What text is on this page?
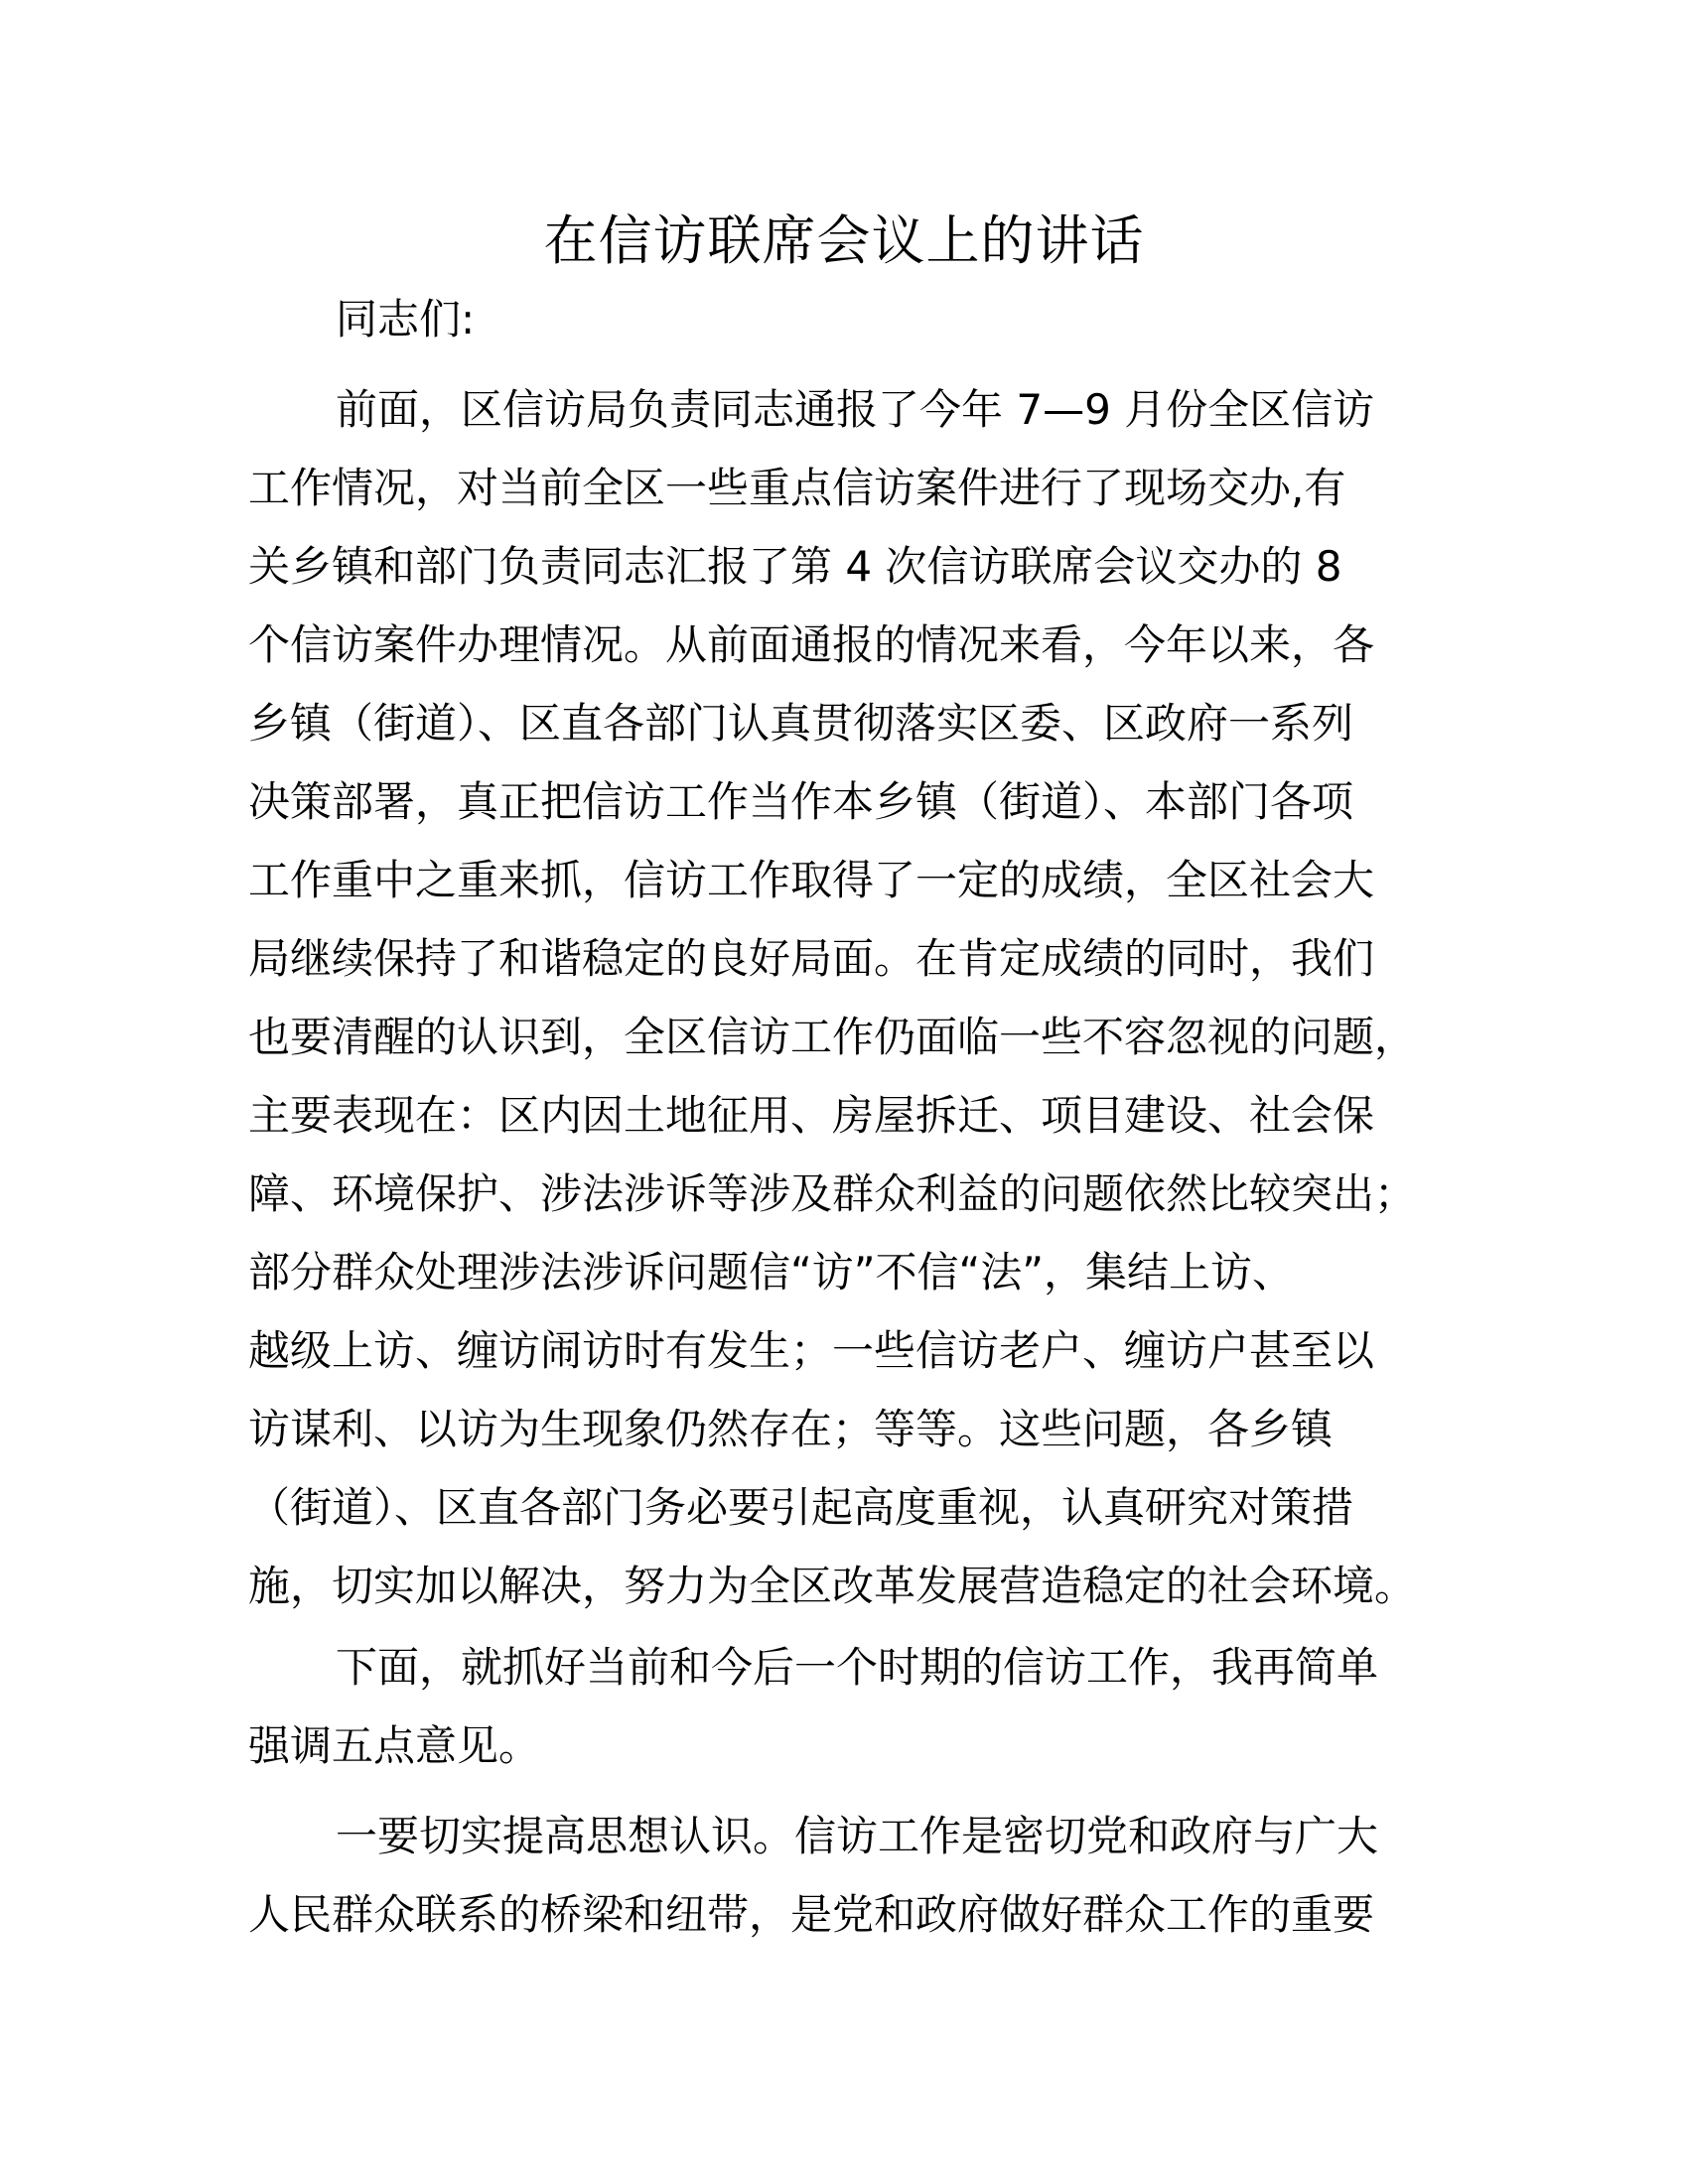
在信访联席会议上的讲话

同志们:

前面，区信访局负责同志通报了今年 7—9 月份全区信访
工作情况，对当前全区一些重点信访案件进行了现场交办,有
关乡镇和部门负责同志汇报了第 4 次信访联席会议交办的 8
个信访案件办理情况。从前面通报的情况来看，今年以来，各
乡镇（街道）、区直各部门认真贯彻落实区委、区政府一系列
决策部署，真正把信访工作当作本乡镇（街道）、本部门各项
工作重中之重来抓，信访工作取得了一定的成绩，全区社会大
局继续保持了和谐稳定的良好局面。在肯定成绩的同时，我们
也要清醒的认识到，全区信访工作仍面临一些不容忽视的问题，
主要表现在：区内因土地征用、房屋拆迁、项目建设、社会保
障、环境保护、涉法涉诉等涉及群众利益的问题依然比较突出；
部分群众处理涉法涉诉问题信“访”不信“法”，集结上访、
越级上访、缠访闹访时有发生；一些信访老户、缠访户甚至以
访谋利、以访为生现象仍然存在；等等。这些问题，各乡镇
（街道）、区直各部门务必要引起高度重视，认真研究对策措
施，切实加以解决，努力为全区改革发展营造稳定的社会环境。

下面，就抓好当前和今后一个时期的信访工作，我再简单
强调五点意见。

一要切实提高思想认识。信访工作是密切党和政府与广大
人民群众联系的桥梁和纽带，是党和政府做好群众工作的重要
